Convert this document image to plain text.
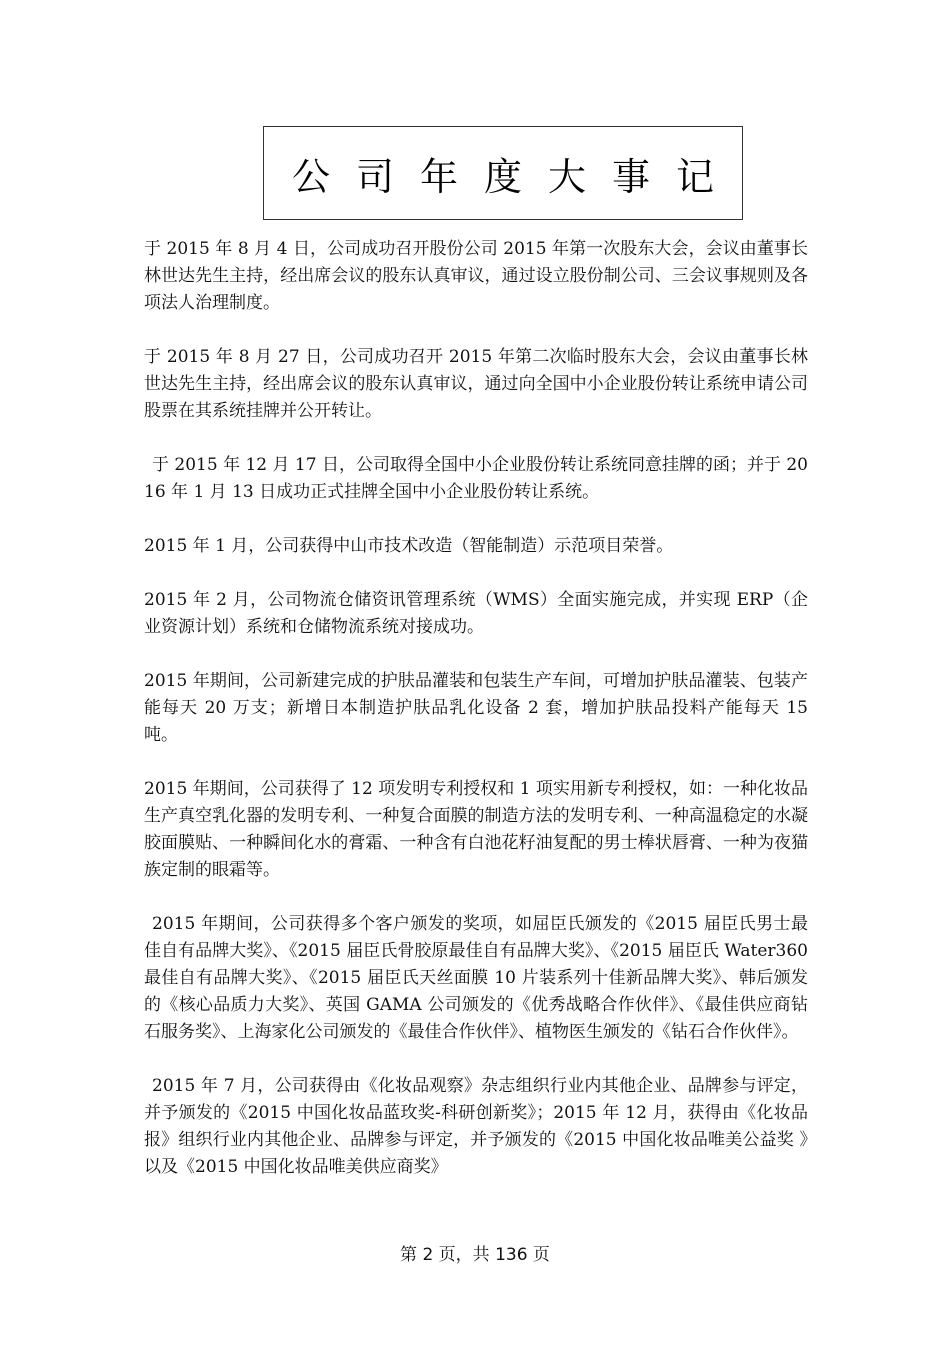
公司年度大事记

于 2015 年 8 月 4 日，公司成功召开股份公司 2015 年第一次股东大会，会议由董事长林世达先生主持，经出席会议的股东认真审议，通过设立股份制公司、三会议事规则及各项法人治理制度。

于 2015 年 8 月 27 日，公司成功召开 2015 年第二次临时股东大会，会议由董事长林世达先生主持，经出席会议的股东认真审议，通过向全国中小企业股份转让系统申请公司股票在其系统挂牌并公开转让。

于 2015 年 12 月 17 日，公司取得全国中小企业股份转让系统同意挂牌的函；并于 2016 年 1 月 13 日成功正式挂牌全国中小企业股份转让系统。

2015 年 1 月，公司获得中山市技术改造（智能制造）示范项目荣誉。

2015 年 2 月，公司物流仓储资讯管理系统（WMS）全面实施完成，并实现 ERP（企业资源计划）系统和仓储物流系统对接成功。

2015 年期间，公司新建完成的护肤品灌装和包装生产车间，可增加护肤品灌装、包装产能每天 20 万支；新增日本制造护肤品乳化设备 2 套，增加护肤品投料产能每天 15 吨。

2015 年期间，公司获得了 12 项发明专利授权和 1 项实用新专利授权，如：一种化妆品生产真空乳化器的发明专利、一种复合面膜的制造方法的发明专利、一种高温稳定的水凝胶面膜贴、一种瞬间化水的膏霜、一种含有白池花籽油复配的男士棒状唇膏、一种为夜猫族定制的眼霜等。

2015 年期间，公司获得多个客户颁发的奖项，如屈臣氏颁发的《2015 届臣氏男士最佳自有品牌大奖》、《2015 届臣氏骨胶原最佳自有品牌大奖》、《2015 届臣氏 Water360 最佳自有品牌大奖》、《2015 届臣氏天丝面膜 10 片装系列十佳新品牌大奖》、韩后颁发的《核心品质力大奖》、英国 GAMA 公司颁发的《优秀战略合作伙伴》、《最佳供应商钻石服务奖》、上海家化公司颁发的《最佳合作伙伴》、植物医生颁发的《钻石合作伙伴》。

2015 年 7 月，公司获得由《化妆品观察》杂志组织行业内其他企业、品牌参与评定，并予颁发的《2015 中国化妆品蓝玫奖-科研创新奖》；2015 年 12 月，获得由《化妆品报》组织行业内其他企业、品牌参与评定，并予颁发的《2015 中国化妆品唯美公益奖 》以及《2015 中国化妆品唯美供应商奖》

第 2 页，共 136 页
